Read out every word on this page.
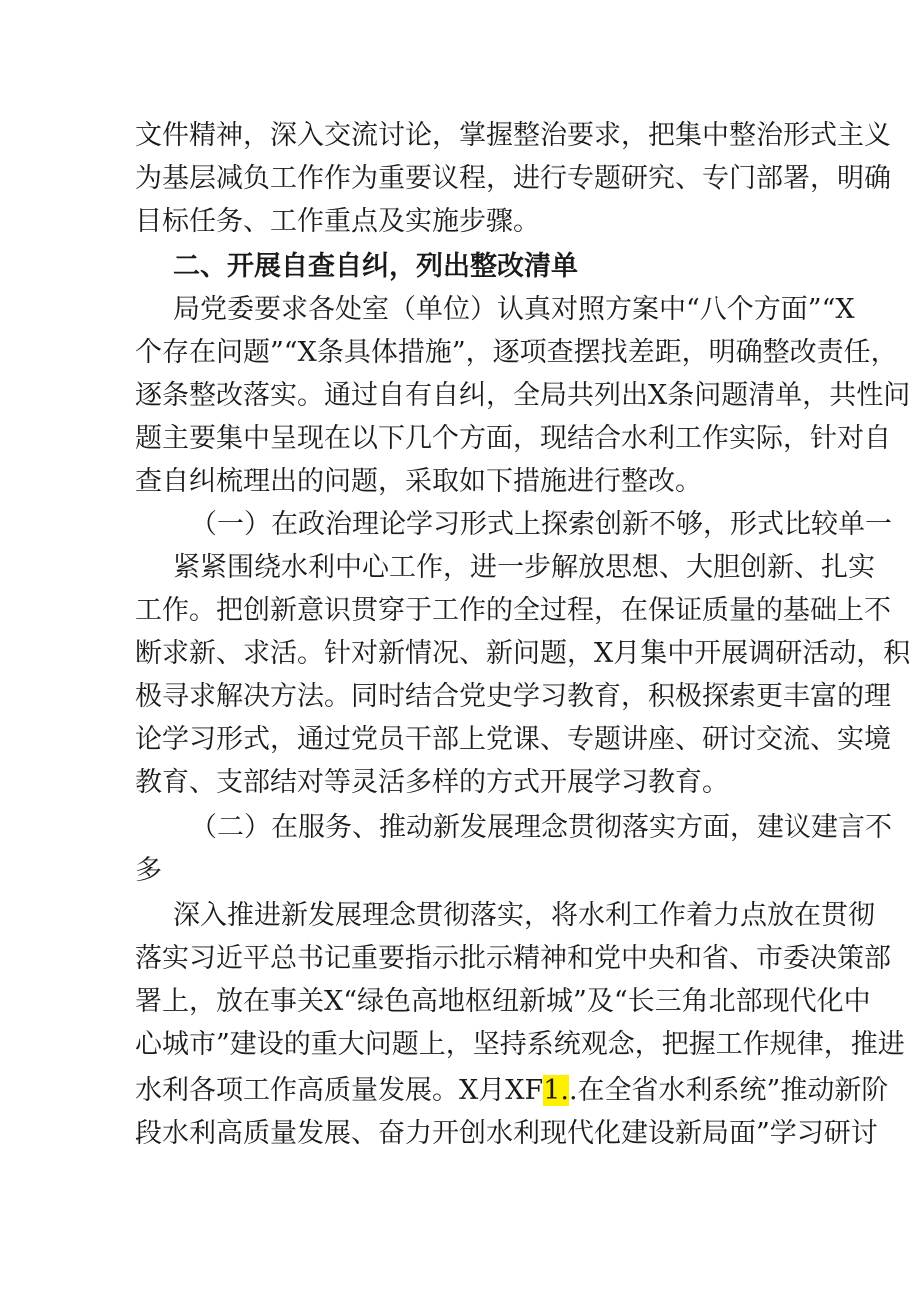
文件精神，深入交流讨论，掌握整治要求，把集中整治形式主义
为基层减负工作作为重要议程，进行专题研究、专门部署，明确
目标任务、工作重点及实施步骤。
二、开展自查自纠，列出整改清单
局党委要求各处室（单位）认真对照方案中“八个方面”“X
个存在问题”“X条具体措施”，逐项查摆找差距，明确整改责任，
逐条整改落实。通过自有自纠，全局共列出X条问题清单，共性问
题主要集中呈现在以下几个方面，现结合水利工作实际，针对自
查自纠梳理出的问题，采取如下措施进行整改。
（一）在政治理论学习形式上探索创新不够，形式比较单一
紧紧围绕水利中心工作，进一步解放思想、大胆创新、扎实
工作。把创新意识贯穿于工作的全过程，在保证质量的基础上不
断求新、求活。针对新情况、新问题，X月集中开展调研活动，积
极寻求解决方法。同时结合党史学习教育，积极探索更丰富的理
论学习形式，通过党员干部上党课、专题讲座、研讨交流、实境
教育、支部结对等灵活多样的方式开展学习教育。
（二）在服务、推动新发展理念贯彻落实方面，建议建言不
多
深入推进新发展理念贯彻落实，将水利工作着力点放在贯彻
落实习近平总书记重要指示批示精神和党中央和省、市委决策部
署上，放在事关X“绿色高地枢纽新城”及“长三角北部现代化中
心城市”建设的重大问题上，坚持系统观念，把握工作规律，推进
水利各项工作高质量发展。X月XF1..在全省水利系统”推动新阶
段水利高质量发展、奋力开创水利现代化建设新局面”学习研讨
